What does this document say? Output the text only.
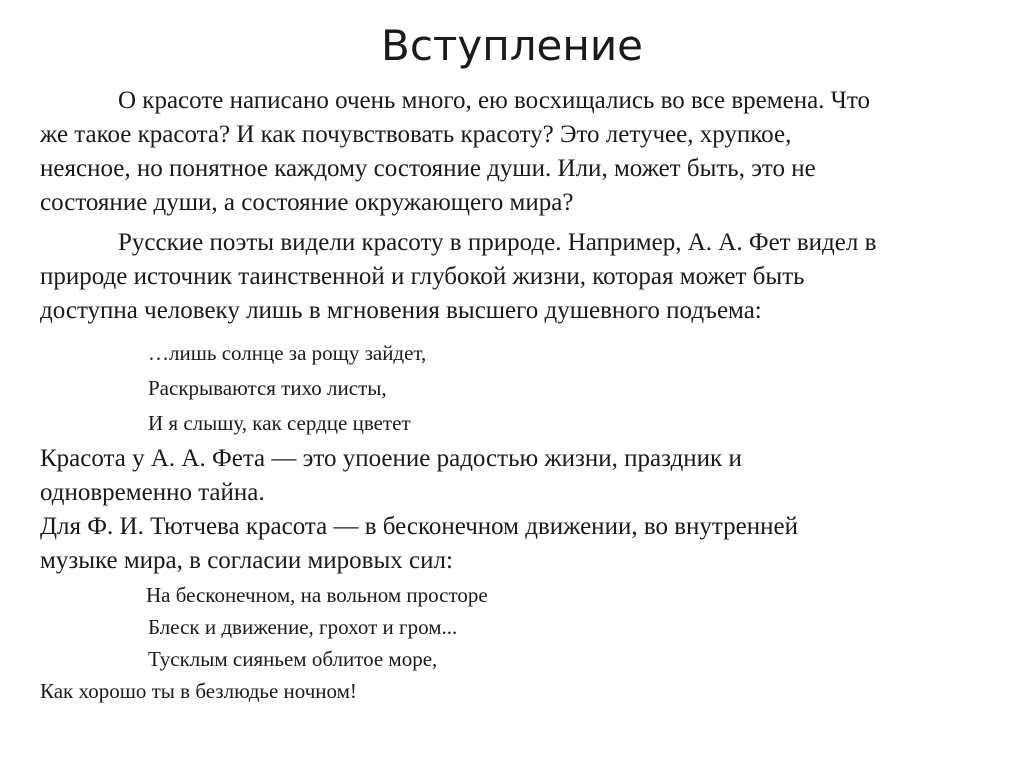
Вступление

О красоте написано очень много, ею восхищались во все времена. Что

же такое красота? И как почувствовать красоту? Это летучее, хрупкое,

неясное, но понятное каждому состояние души. Или, может быть, это не

состояние души, а состояние окружающего мира?

Русские поэты видели красоту в природе. Например, А. А. Фет видел в

природе источник таинственной и глубокой жизни, которая может быть

доступна человеку лишь в мгновения высшего душевного подъема:

…лишь солнце за рощу зайдет,

Раскрываются тихо листы,

И я слышу, как сердце цветет

Красота у А. А. Фета — это упоение радостью жизни, праздник и

одновременно тайна.

Для Ф. И. Тютчева красота — в бесконечном движении, во внутренней

музыке мира, в согласии мировых сил:

На бесконечном, на вольном просторе

Блеск и движение, грохот и гром...

Тусклым сияньем облитое море,

Как хорошо ты в безлюдье ночном!
